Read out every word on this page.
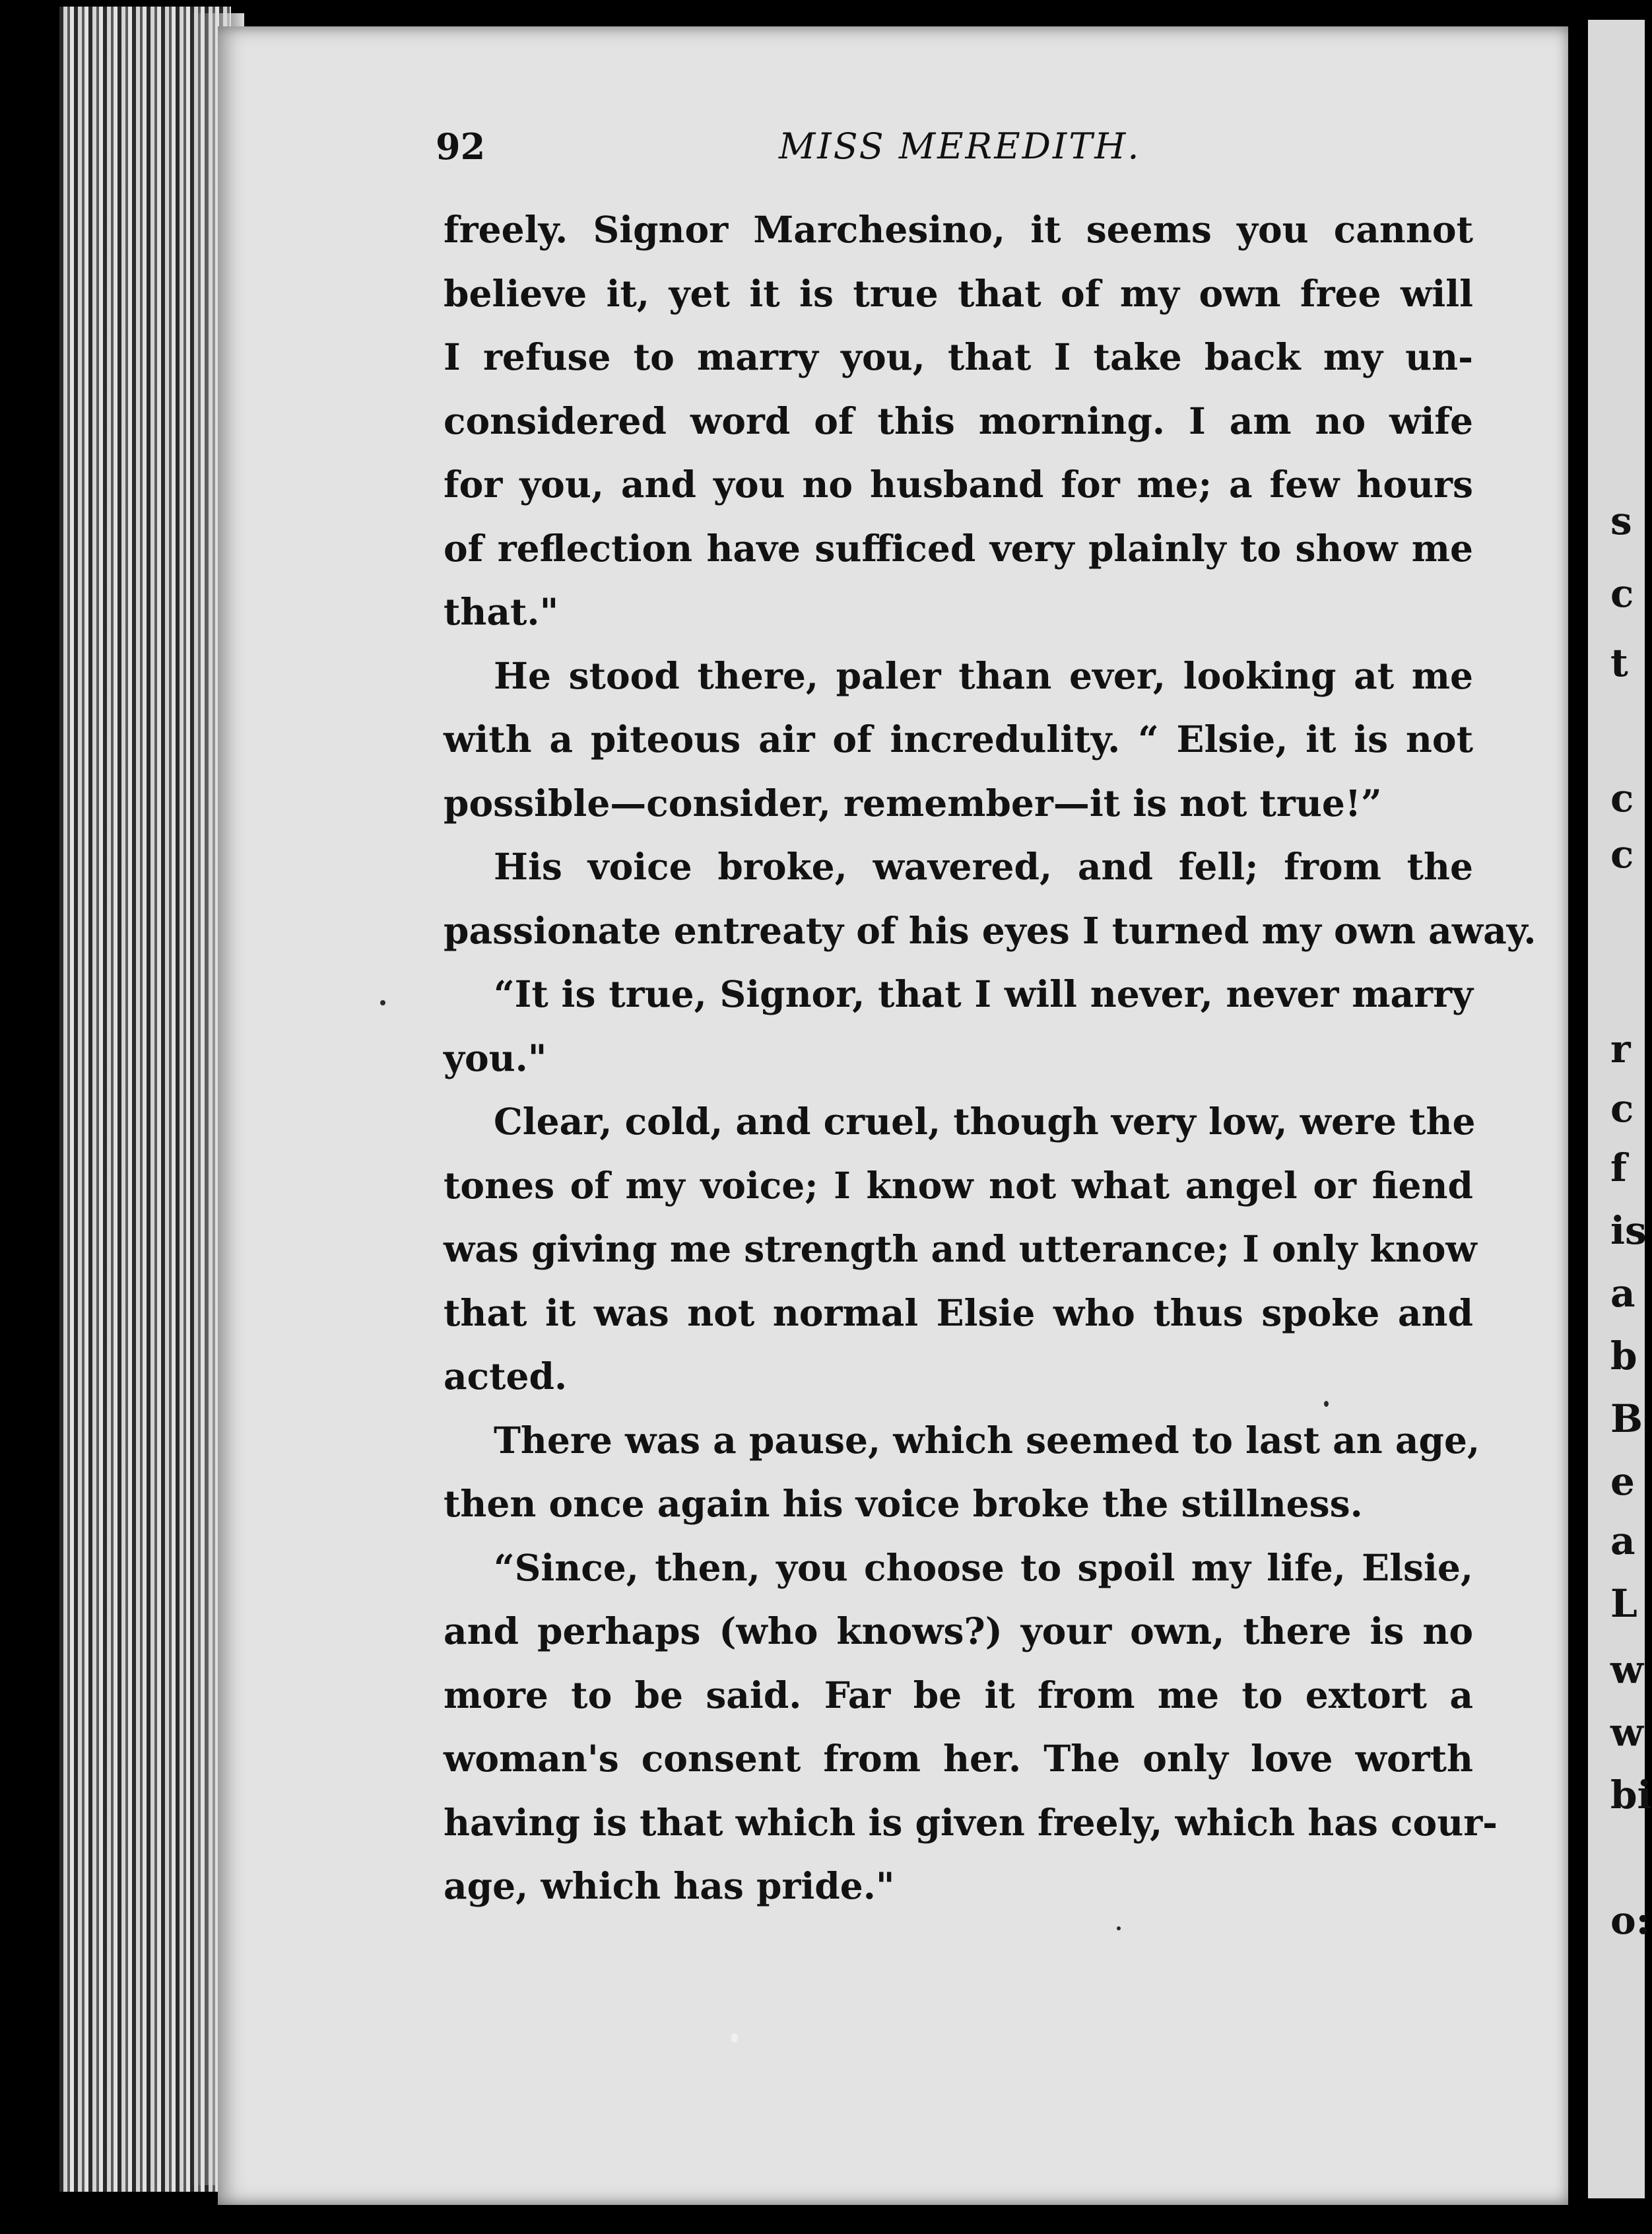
92	MISS MEREDITH.
freely. Signor Marchesino, it seems you cannot
believe it, yet it is true that of my own free will
I refuse to marry you, that I take back my un-
considered word of this morning. I am no wife
for you, and you no husband for me; a few hours
of reflection have sufficed very plainly to show me
that."
He stood there, paler than ever, looking at me
with a piteous air of incredulity. “ Elsie, it is not
possible—consider, remember—it is not true!”
His voice broke, wavered, and fell; from the
passionate entreaty of his eyes I turned my own away.
“It is true, Signor, that I will never, never marry
you."
Clear, cold, and cruel, though very low, were the
tones of my voice; I know not what angel or fiend
was giving me strength and utterance; I only know
that it was not normal Elsie who thus spoke and
acted.
There was a pause, which seemed to last an age,
then once again his voice broke the stillness.
“Since, then, you choose to spoil my life, Elsie,
and perhaps (who knows?) your own, there is no
more to be said. Far be it from me to extort a
woman's consent from her. The only love worth
having is that which is given freely, which has cour-
age, which has pride."
s
c
t
c
c
r
c
f
is
a
b
B
e
a
L
w
w
bi
o:
